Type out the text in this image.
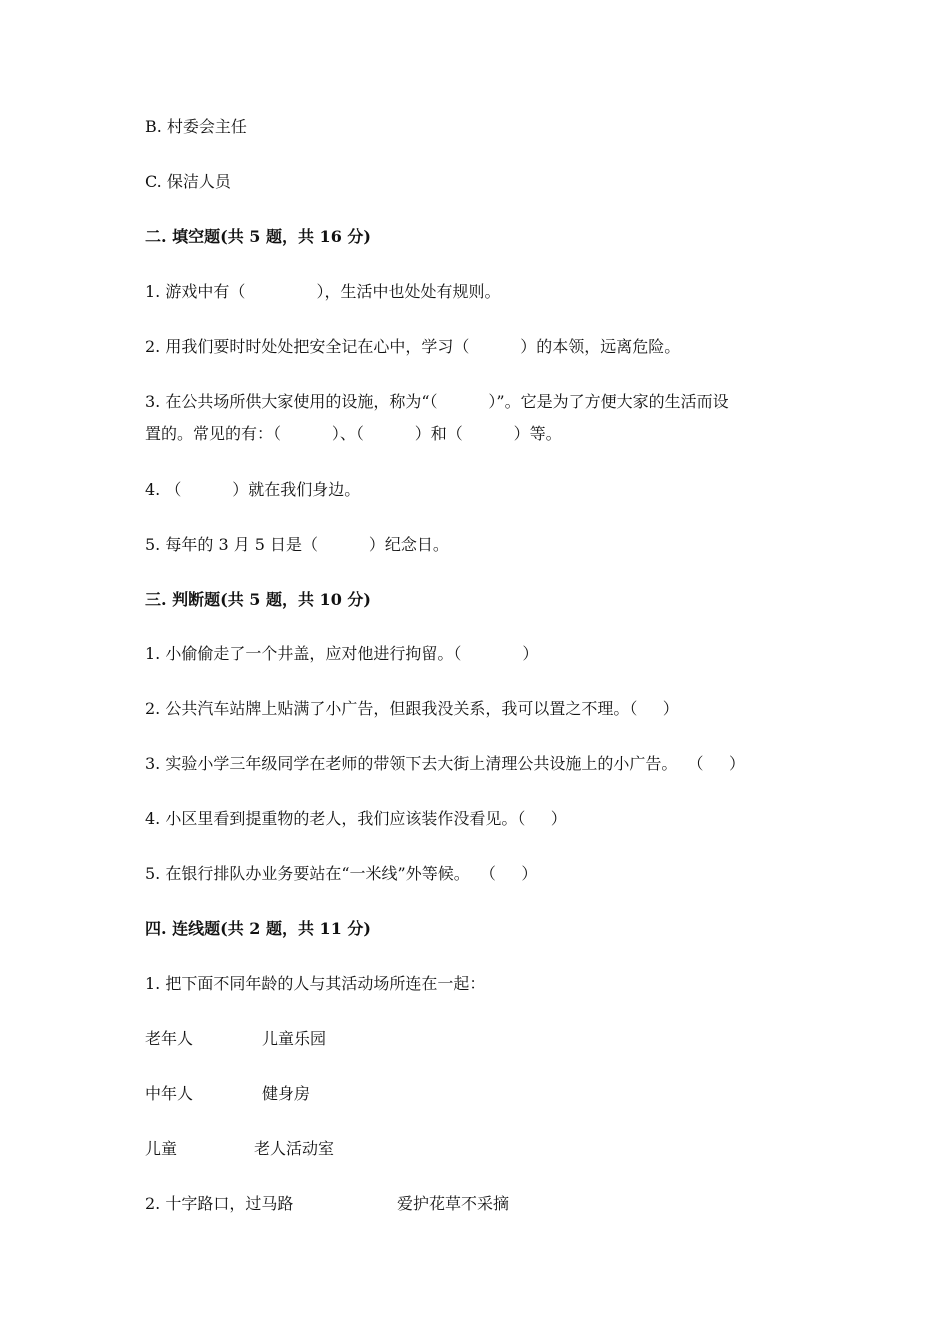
B. 村委会主任
C. 保洁人员
二. 填空题(共 5 题，共 16 分)
1. 游戏中有（              ），生活中也处处有规则。
2. 用我们要时时处处把安全记在心中，学习（          ）的本领，远离危险。
3. 在公共场所供大家使用的设施，称为“（          ）”。它是为了方便大家的生活而设
置的。常见的有：（          ）、（          ）和（          ）等。
4. （          ）就在我们身边。
5. 每年的 3 月 5 日是（          ）纪念日。
三. 判断题(共 5 题，共 10 分)
1. 小偷偷走了一个井盖，应对他进行拘留。（            ）
2. 公共汽车站牌上贴满了小广告，但跟我没关系，我可以置之不理。（     ）
3. 实验小学三年级同学在老师的带领下去大街上清理公共设施上的小广告。  （     ）
4. 小区里看到提重物的老人，我们应该装作没看见。（     ）
5. 在银行排队办业务要站在“一米线”外等候。  （     ）
四. 连线题(共 2 题，共 11 分)
1. 把下面不同年龄的人与其活动场所连在一起：
老年人	儿童乐园
中年人	健身房
儿童	老人活动室
2. 十字路口，过马路	爱护花草不采摘
